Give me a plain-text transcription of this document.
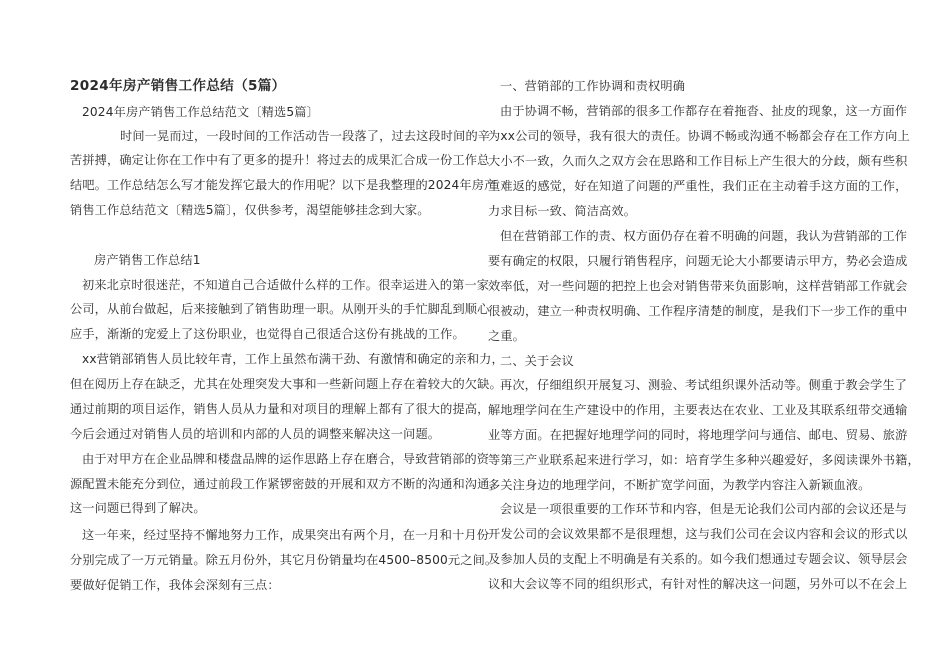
2024年房产销售工作总结（5篇）
2024年房产销售工作总结范文〔精选5篇〕
时间一晃而过，一段时间的工作活动告一段落了，过去这段时间的辛
苦拼搏，确定让你在工作中有了更多的提升！将过去的成果汇合成一份工作总
结吧。工作总结怎么写才能发挥它最大的作用呢？以下是我整理的2024年房产
销售工作总结范文〔精选5篇〕，仅供参考，渴望能够挂念到大家。
房产销售工作总结1
初来北京时很迷茫，不知道自己合适做什么样的工作。很幸运进入的第一家
公司，从前台做起，后来接触到了销售助理一职。从刚开头的手忙脚乱到顺心
应手，渐渐的宠爱上了这份职业，也觉得自己很适合这份有挑战的工作。
xx营销部销售人员比较年青，工作上虽然布满干劲、有激情和确定的亲和力，
但在阅历上存在缺乏，尤其在处理突发大事和一些新问题上存在着较大的欠缺。
通过前期的项目运作，销售人员从力量和对项目的理解上都有了很大的提高，
今后会通过对销售人员的培训和内部的人员的调整来解决这一问题。
由于对甲方在企业品牌和楼盘品牌的运作思路上存在磨合，导致营销部的资
源配置未能充分到位，通过前段工作紧锣密鼓的开展和双方不断的沟通和沟通，
这一问题已得到了解决。
这一年来，经过坚持不懈地努力工作，成果突出有两个月，在一月和十月份
分别完成了一万元销量。除五月份外，其它月份销量均在4500–8500元之间。
要做好促销工作，我体会深刻有三点：
一、营销部的工作协调和责权明确
由于协调不畅，营销部的很多工作都存在着拖沓、扯皮的现象，这一方面作
为xx公司的领导，我有很大的责任。协调不畅或沟通不畅都会存在工作方向上
大小不一致，久而久之双方会在思路和工作目标上产生很大的分歧，颇有些积
重难返的感觉，好在知道了问题的严重性，我们正在主动着手这方面的工作，
力求目标一致、简洁高效。
但在营销部工作的责、权方面仍存在着不明确的问题，我认为营销部的工作
要有确定的权限，只履行销售程序，问题无论大小都要请示甲方，势必会造成
效率低，对一些问题的把控上也会对销售带来负面影响，这样营销部工作就会
很被动，建立一种责权明确、工作程序清楚的制度，是我们下一步工作的重中
之重。
二、关于会议
再次，仔细组织开展复习、测验、考试组织课外活动等。侧重于教会学生了
解地理学问在生产建设中的作用，主要表达在农业、工业及其联系纽带交通输
业等方面。在把握好地理学问的同时，将地理学问与通信、邮电、贸易、旅游
等第三产业联系起来进行学习，如：培育学生多种兴趣爱好，多阅读课外书籍，
多关注身边的地理学问，不断扩宽学问面，为教学内容注入新颖血液。
会议是一项很重要的工作环节和内容，但是无论我们公司内部的会议还是与
开发公司的会议效果都不是很理想，这与我们公司在会议内容和会议的形式以
及参加人员的支配上不明确是有关系的。如今我们想通过专题会议、领导层会
议和大会议等不同的组织形式，有针对性的解决这一问题，另外可以不在会上
